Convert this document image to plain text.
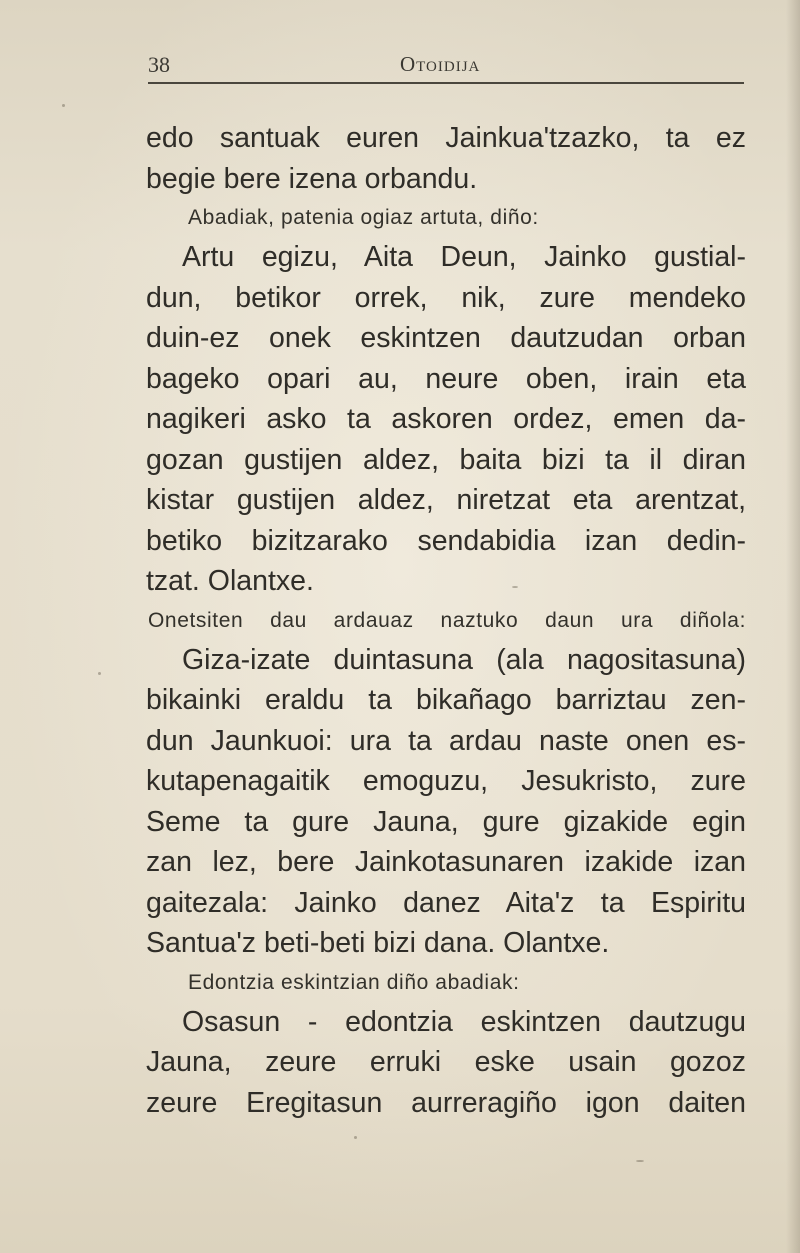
38	Otoidija
edo santuak euren Jainkua'tzazko, ta ez
begie bere izena orbandu.
Abadiak, patenia ogiaz artuta, diño:
Artu egizu, Aita Deun, Jainko gustial-
dun, betikor orrek, nik, zure mendeko
duin-ez onek eskintzen dautzudan orban
bageko opari au, neure oben, irain eta
nagikeri asko ta askoren ordez, emen da-
gozan gustijen aldez, baita bizi ta il diran
kistar gustijen aldez, niretzat eta arentzat,
betiko bizitzarako sendabidia izan dedin-
tzat. Olantxe.
Onetsiten dau ardauaz naztuko daun ura diñola:
Giza-izate duintasuna (ala nagositasuna)
bikainki eraldu ta bikañago barriztau zen-
dun Jaunkuoi: ura ta ardau naste onen es-
kutapenagaitik emoguzu, Jesukristo, zure
Seme ta gure Jauna, gure gizakide egin
zan lez, bere Jainkotasunaren izakide izan
gaitezala: Jainko danez Aita'z ta Espiritu
Santua'z beti-beti bizi dana. Olantxe.
Edontzia eskintzian diño abadiak:
Osasun - edontzia eskintzen dautzugu
Jauna, zeure erruki eske usain gozoz
zeure Eregitasun aurreragiño igon daiten
